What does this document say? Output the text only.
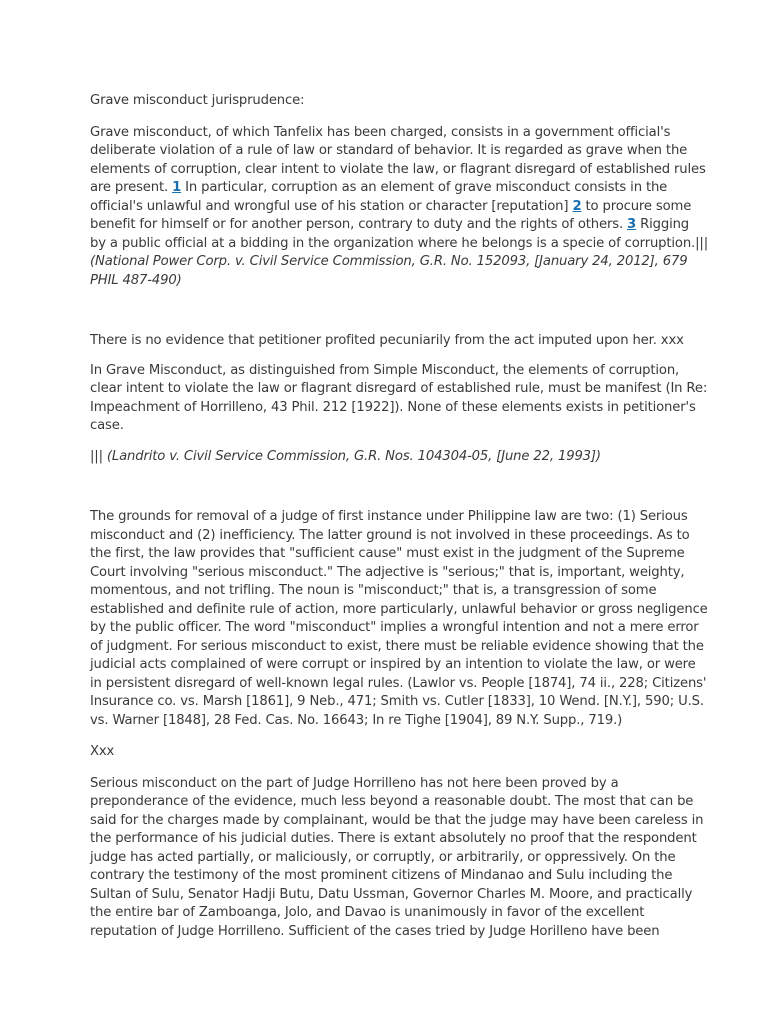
Grave misconduct jurisprudence:

Grave misconduct, of which Tanfelix has been charged, consists in a government official's deliberate violation of a rule of law or standard of behavior. It is regarded as grave when the elements of corruption, clear intent to violate the law, or flagrant disregard of established rules are present. 1 In particular, corruption as an element of grave misconduct consists in the official's unlawful and wrongful use of his station or character [reputation] 2 to procure some benefit for himself or for another person, contrary to duty and the rights of others. 3 Rigging by a public official at a bidding in the organization where he belongs is a specie of corruption.||| (National Power Corp. v. Civil Service Commission, G.R. No. 152093, [January 24, 2012], 679 PHIL 487-490)

There is no evidence that petitioner profited pecuniarily from the act imputed upon her. xxx

In Grave Misconduct, as distinguished from Simple Misconduct, the elements of corruption, clear intent to violate the law or flagrant disregard of established rule, must be manifest (In Re: Impeachment of Horrilleno, 43 Phil. 212 [1922]). None of these elements exists in petitioner's case.

||| (Landrito v. Civil Service Commission, G.R. Nos. 104304-05, [June 22, 1993])

The grounds for removal of a judge of first instance under Philippine law are two: (1) Serious misconduct and (2) inefficiency. The latter ground is not involved in these proceedings. As to the first, the law provides that "sufficient cause" must exist in the judgment of the Supreme Court involving "serious misconduct." The adjective is "serious;" that is, important, weighty, momentous, and not trifling. The noun is "misconduct;" that is, a transgression of some established and definite rule of action, more particularly, unlawful behavior or gross negligence by the public officer. The word "misconduct" implies a wrongful intention and not a mere error of judgment. For serious misconduct to exist, there must be reliable evidence showing that the judicial acts complained of were corrupt or inspired by an intention to violate the law, or were in persistent disregard of well-known legal rules. (Lawlor vs. People [1874], 74 ii., 228; Citizens' Insurance co. vs. Marsh [1861], 9 Neb., 471; Smith vs. Cutler [1833], 10 Wend. [N.Y.], 590; U.S. vs. Warner [1848], 28 Fed. Cas. No. 16643; In re Tighe [1904], 89 N.Y. Supp., 719.)

Xxx

Serious misconduct on the part of Judge Horrilleno has not here been proved by a preponderance of the evidence, much less beyond a reasonable doubt. The most that can be said for the charges made by complainant, would be that the judge may have been careless in the performance of his judicial duties. There is extant absolutely no proof that the respondent judge has acted partially, or maliciously, or corruptly, or arbitrarily, or oppressively. On the contrary the testimony of the most prominent citizens of Mindanao and Sulu including the Sultan of Sulu, Senator Hadji Butu, Datu Ussman, Governor Charles M. Moore, and practically the entire bar of Zamboanga, Jolo, and Davao is unanimously in favor of the excellent reputation of Judge Horrilleno. Sufficient of the cases tried by Judge Horilleno have been
